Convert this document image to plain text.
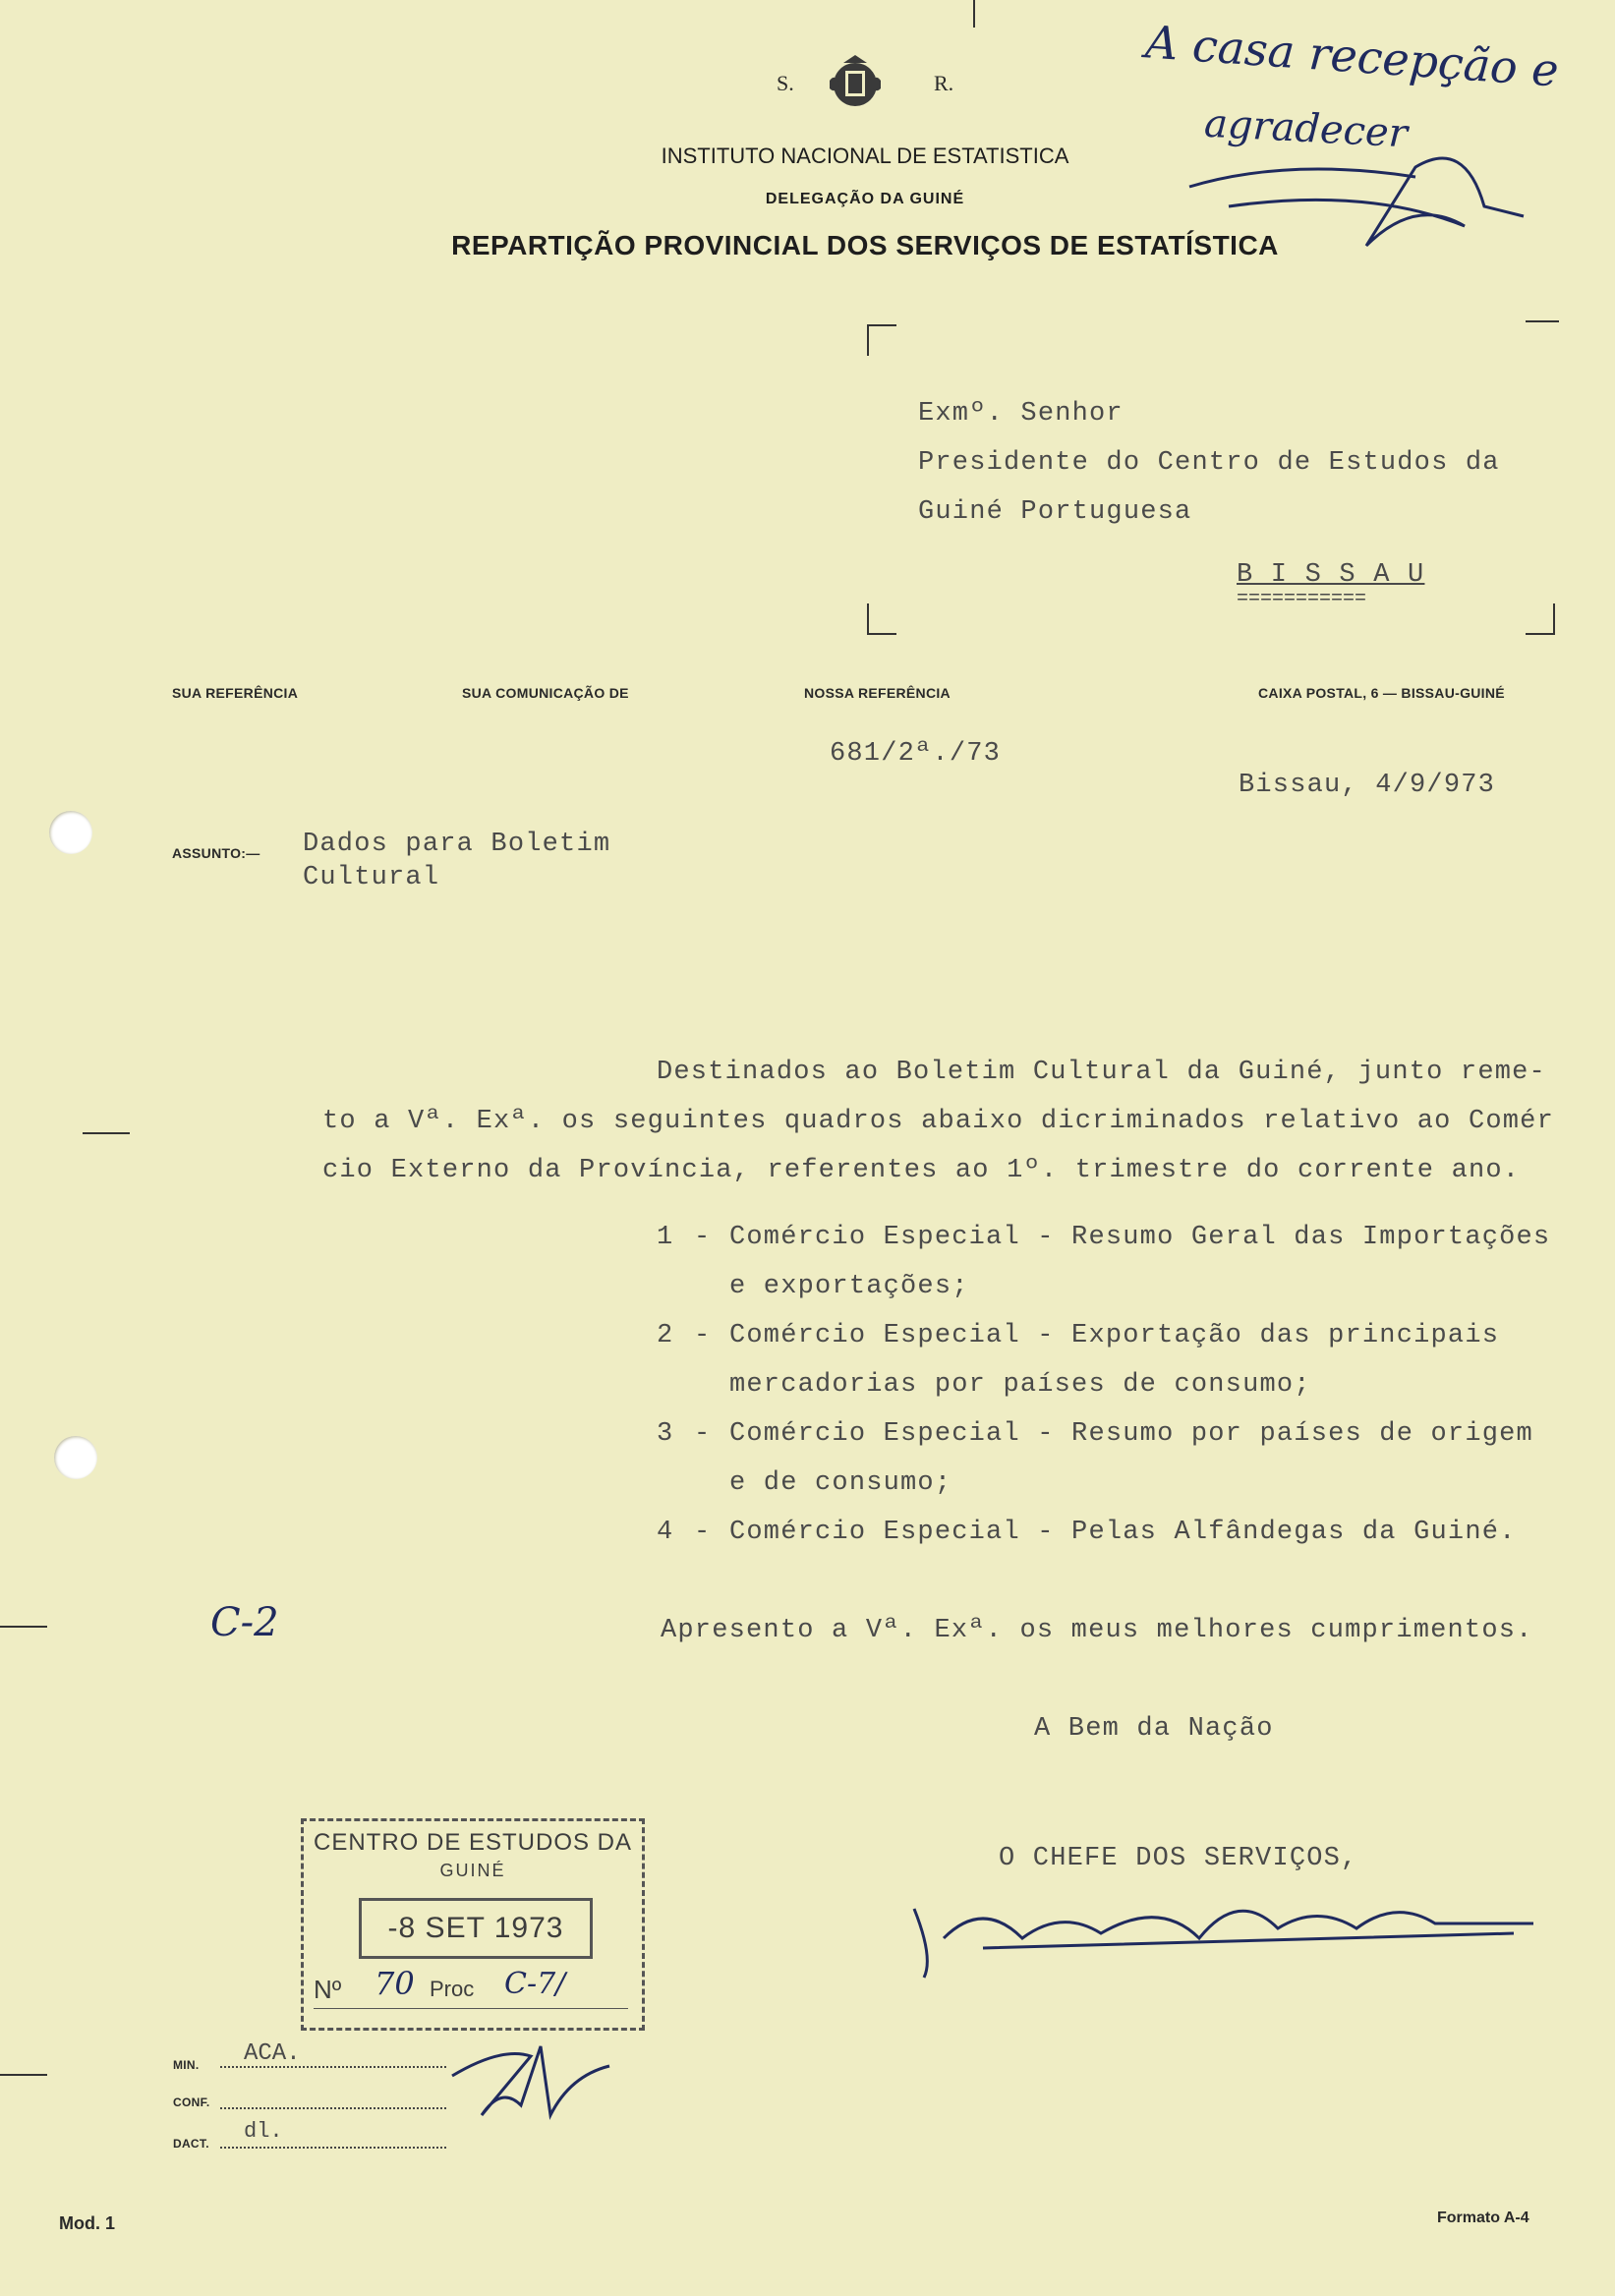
S.	R.
INSTITUTO NACIONAL DE ESTATISTICA
DELEGAÇÃO DA GUINÉ
REPARTIÇÃO PROVINCIAL DOS SERVIÇOS DE ESTATÍSTICA
A casa recepção e
agradecer
Exmº. Senhor
Presidente do Centro de Estudos da
Guiné Portuguesa
B I S S A U
===========
SUA REFERÊNCIA	SUA COMUNICAÇÃO DE	NOSSA REFERÊNCIA	CAIXA POSTAL, 6 — BISSAU-GUINÉ
681/2ª./73
Bissau, 4/9/973
ASSUNTO:— Dados para Boletim
Cultural
Destinados ao Boletim Cultural da Guiné, junto reme-
to a Vª. Exª. os seguintes quadros abaixo dicriminados relativo ao Comér
cio Externo da Província, referentes ao 1º. trimestre do corrente ano.
1 - Comércio Especial - Resumo Geral das Importações
e exportações;
2 - Comércio Especial - Exportação das principais
mercadorias por países de consumo;
3 - Comércio Especial - Resumo por países de origem
e de consumo;
4 - Comércio Especial - Pelas Alfândegas da Guiné.
C-2	Apresento a Vª. Exª. os meus melhores cumprimentos.
A Bem da Nação
O CHEFE DOS SERVIÇOS,
CENTRO DE ESTUDOS DA
GUINÉ
-8 SET 1973
Nº 70 Proc C-7/
MIN. ACA.
CONF.
DACT. dl.
Mod. 1	Formato A-4
